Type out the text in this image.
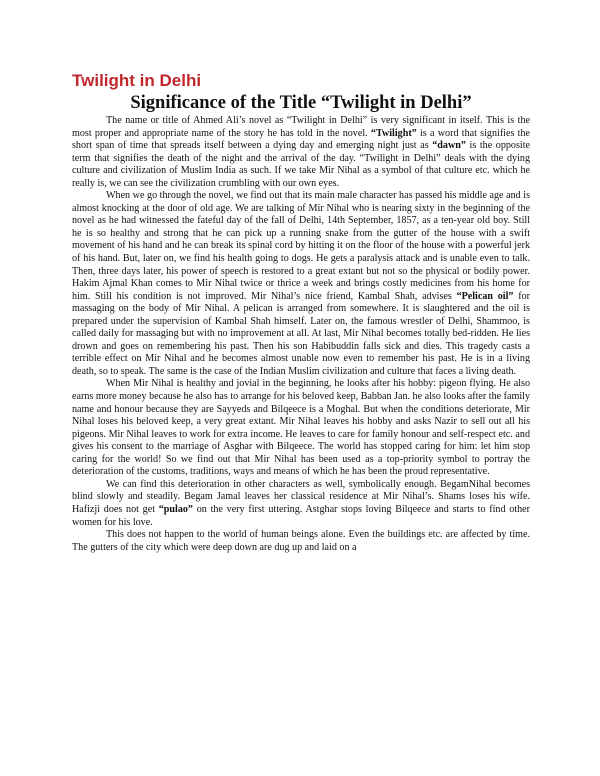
Twilight in Delhi
Significance of the Title “Twilight in Delhi”

The name or title of Ahmed Ali’s novel as “Twilight in Delhi” is very significant in itself. This is the most proper and appropriate name of the story he has told in the novel. “Twilight” is a word that signifies the short span of time that spreads itself between a dying day and emerging night just as “dawn” is the opposite term that signifies the death of the night and the arrival of the day. “Twilight in Delhi” deals with the dying culture and civilization of Muslim India as such. If we take Mir Nihal as a symbol of that culture etc. which he really is, we can see the civilization crumbling with our own eyes.

When we go through the novel, we find out that its main male character has passed his middle age and is almost knocking at the door of old age. We are talking of Mir Nihal who is nearing sixty in the beginning of the novel as he had witnessed the fateful day of the fall of Delhi, 14th September, 1857, as a ten-year old boy. Still he is so healthy and strong that he can pick up a running snake from the gutter of the house with a swift movement of his hand and he can break its spinal cord by hitting it on the floor of the house with a powerful jerk of his hand. But, later on, we find his health going to dogs. He gets a paralysis attack and is unable even to talk. Then, three days later, his power of speech is restored to a great extant but not so the physical or bodily power. Hakim Ajmal Khan comes to Mir Nihal twice or thrice a week and brings costly medicines from his home for him. Still his condition is not improved. Mir Nihal’s nice friend, Kambal Shah, advises “Pelican oil” for massaging on the body of Mir Nihal. A pelican is arranged from somewhere. It is slaughtered and the oil is prepared under the supervision of Kambal Shah himself. Later on, the famous wrestler of Delhi, Shammoo, is called daily for massaging but with no improvement at all. At last, Mir Nihal becomes totally bed-ridden. He lies drown and goes on remembering his past. Then his son Habibuddin falls sick and dies. This tragedy casts a terrible effect on Mir Nihal and he becomes almost unable now even to remember his past. He is in a living death, so to speak. The same is the case of the Indian Muslim civilization and culture that faces a living death.

When Mir Nihal is healthy and jovial in the beginning, he looks after his hobby: pigeon flying. He also earns more money because he also has to arrange for his beloved keep, Babban Jan. he also looks after the family name and honour because they are Sayyeds and Bilqeece is a Moghal. But when the conditions deteriorate, Mir Nihal loses his beloved keep, a very great extant. Mir Nihal leaves his hobby and asks Nazir to sell out all his pigeons. Mir Nihal leaves to work for extra income. He leaves to care for family honour and self-respect etc. and gives his consent to the marriage of Asghar with Bilqeece. The world has stopped caring for him: let him stop caring for the world! So we find out that Mir Nihal has been used as a top-priority symbol to portray the deterioration of the customs, traditions, ways and means of which he has been the proud representative.

We can find this deterioration in other characters as well, symbolically enough. BegamNihal becomes blind slowly and steadily. Begam Jamal leaves her classical residence at Mir Nihal’s. Shams loses his wife. Hafizji does not get “pulao” on the very first uttering. Astghar stops loving Bilqeece and starts to find other women for his love.

This does not happen to the world of human beings alone. Even the buildings etc. are affected by time. The gutters of the city which were deep down are dug up and laid on a
